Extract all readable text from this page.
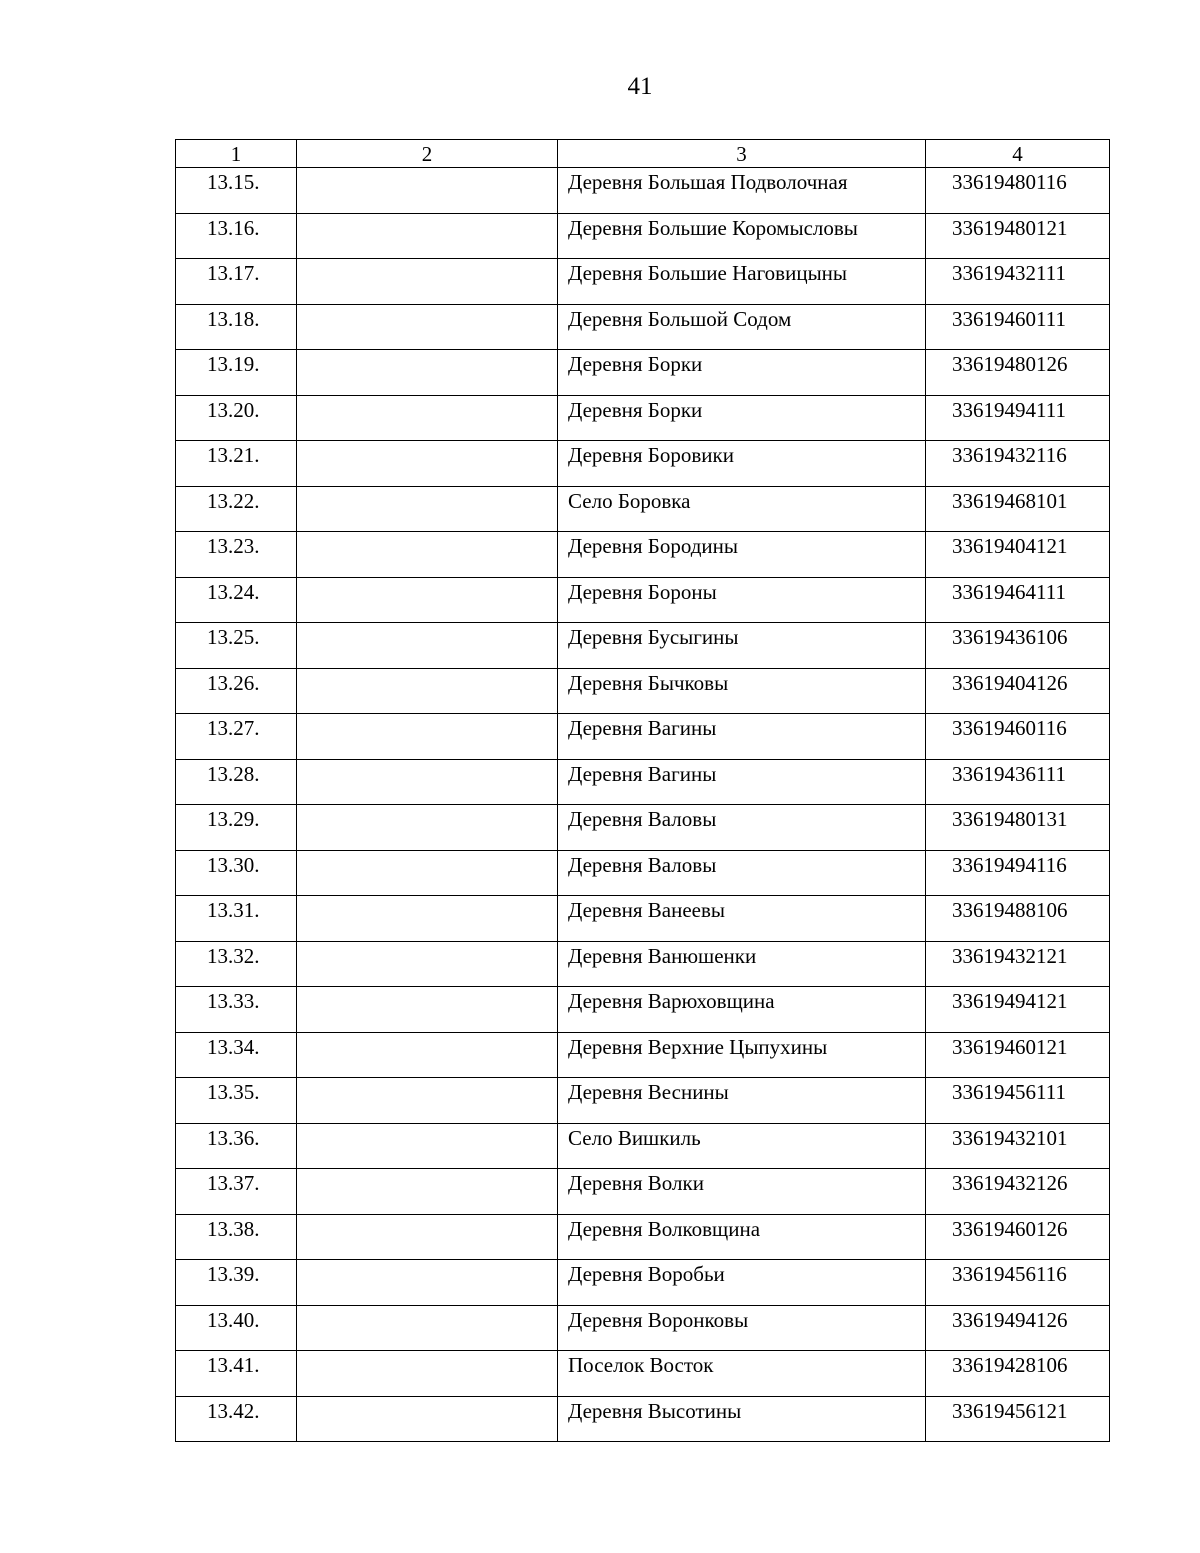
41
1	2	3	4
13.15.		Деревня Большая Подволочная	33619480116
13.16.		Деревня Большие Коромысловы	33619480121
13.17.		Деревня Большие Наговицыны	33619432111
13.18.		Деревня Большой Содом	33619460111
13.19.		Деревня Борки	33619480126
13.20.		Деревня Борки	33619494111
13.21.		Деревня Боровики	33619432116
13.22.		Село Боровка	33619468101
13.23.		Деревня Бородины	33619404121
13.24.		Деревня Бороны	33619464111
13.25.		Деревня Бусыгины	33619436106
13.26.		Деревня Бычковы	33619404126
13.27.		Деревня Вагины	33619460116
13.28.		Деревня Вагины	33619436111
13.29.		Деревня Валовы	33619480131
13.30.		Деревня Валовы	33619494116
13.31.		Деревня Ванеевы	33619488106
13.32.		Деревня Ванюшенки	33619432121
13.33.		Деревня Варюховщина	33619494121
13.34.		Деревня Верхние Цыпухины	33619460121
13.35.		Деревня Веснины	33619456111
13.36.		Село Вишкиль	33619432101
13.37.		Деревня Волки	33619432126
13.38.		Деревня Волковщина	33619460126
13.39.		Деревня Воробьи	33619456116
13.40.		Деревня Воронковы	33619494126
13.41.		Поселок Восток	33619428106
13.42.		Деревня Высотины	33619456121
